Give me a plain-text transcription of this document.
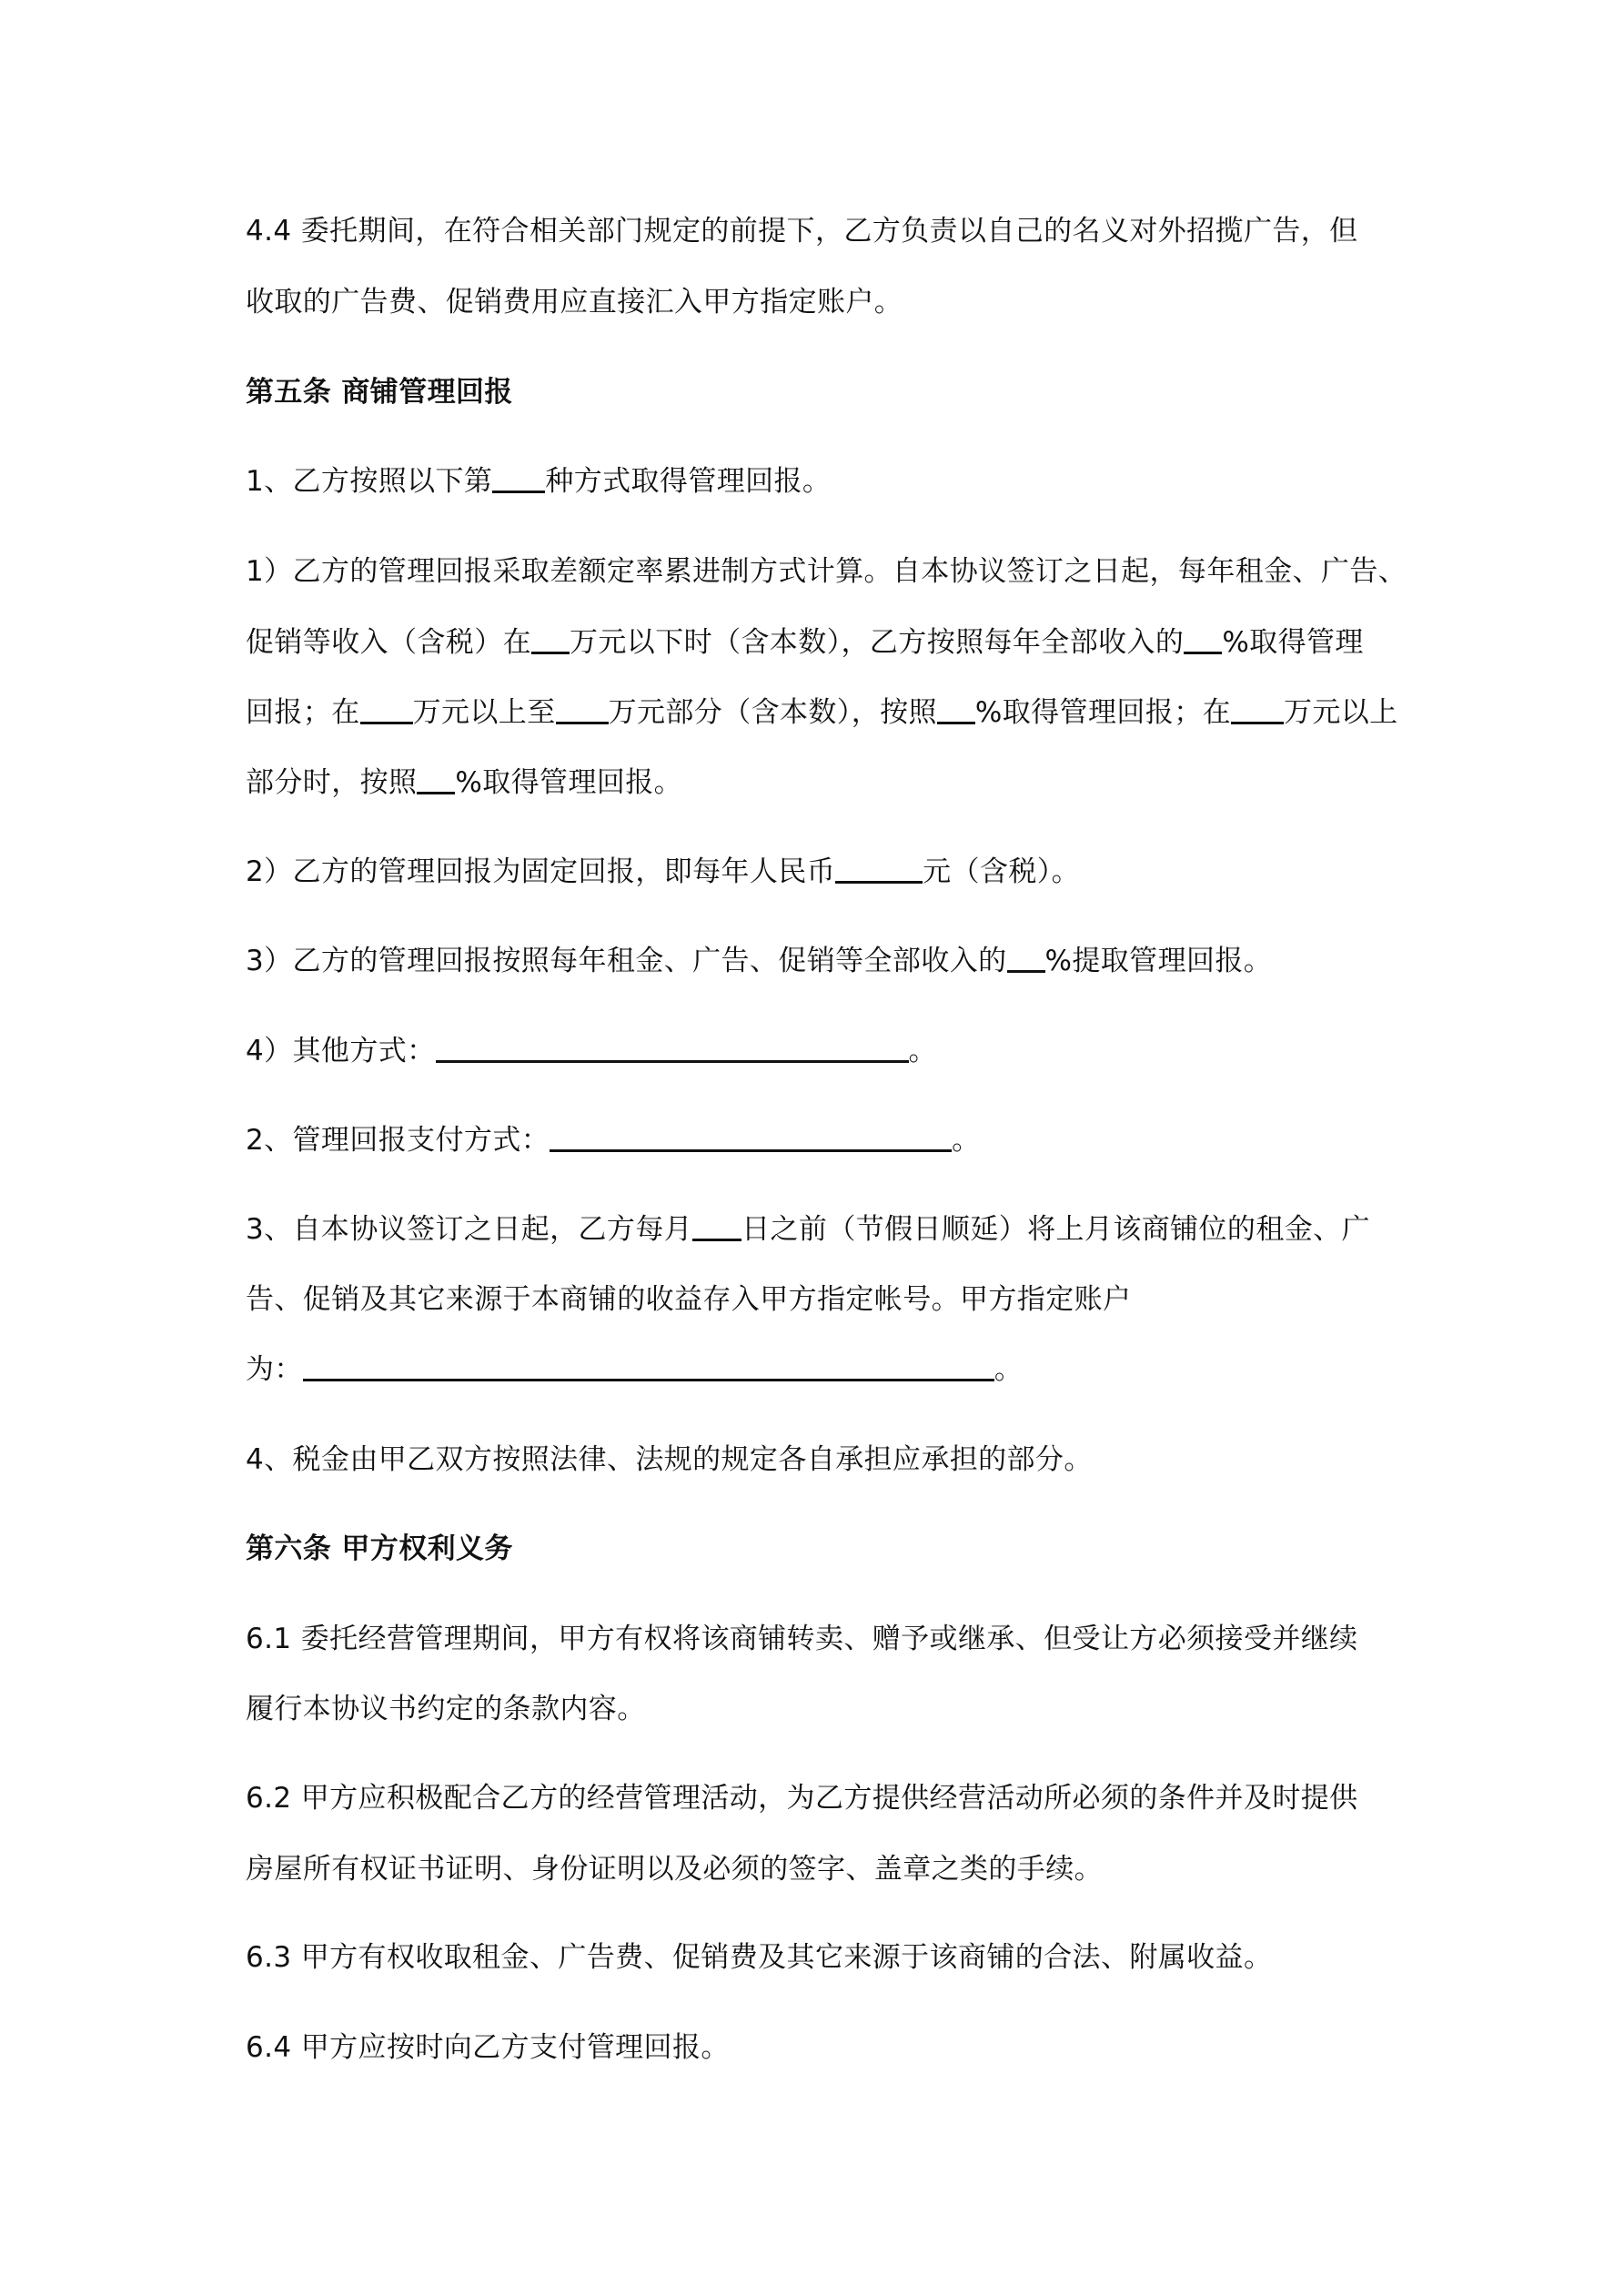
4.4 委托期间，在符合相关部门规定的前提下，乙方负责以自己的名义对外招揽广告，但
收取的广告费、促销费用应直接汇入甲方指定账户。
第五条 商铺管理回报
1、乙方按照以下第 种方式取得管理回报。
1）乙方的管理回报采取差额定率累进制方式计算。自本协议签订之日起，每年租金、广告、
促销等收入（含税）在 万元以下时（含本数），乙方按照每年全部收入的 %取得管理
回报；在 万元以上至 万元部分（含本数），按照 %取得管理回报；在 万元以上
部分时，按照 %取得管理回报。
2）乙方的管理回报为固定回报，即每年人民币	元（含税）。
3）乙方的管理回报按照每年租金、广告、促销等全部收入的 %提取管理回报。
4）其他方式：	。
2、管理回报支付方式：	。
3、自本协议签订之日起，乙方每月 日之前（节假日顺延）将上月该商铺位的租金、广
告、促销及其它来源于本商铺的收益存入甲方指定帐号。甲方指定账户
为：	。
4、税金由甲乙双方按照法律、法规的规定各自承担应承担的部分。
第六条 甲方权利义务
6.1 委托经营管理期间，甲方有权将该商铺转卖、赠予或继承、但受让方必须接受并继续
履行本协议书约定的条款内容。
6.2 甲方应积极配合乙方的经营管理活动，为乙方提供经营活动所必须的条件并及时提供
房屋所有权证书证明、身份证明以及必须的签字、盖章之类的手续。
6.3 甲方有权收取租金、广告费、促销费及其它来源于该商铺的合法、附属收益。
6.4 甲方应按时向乙方支付管理回报。
